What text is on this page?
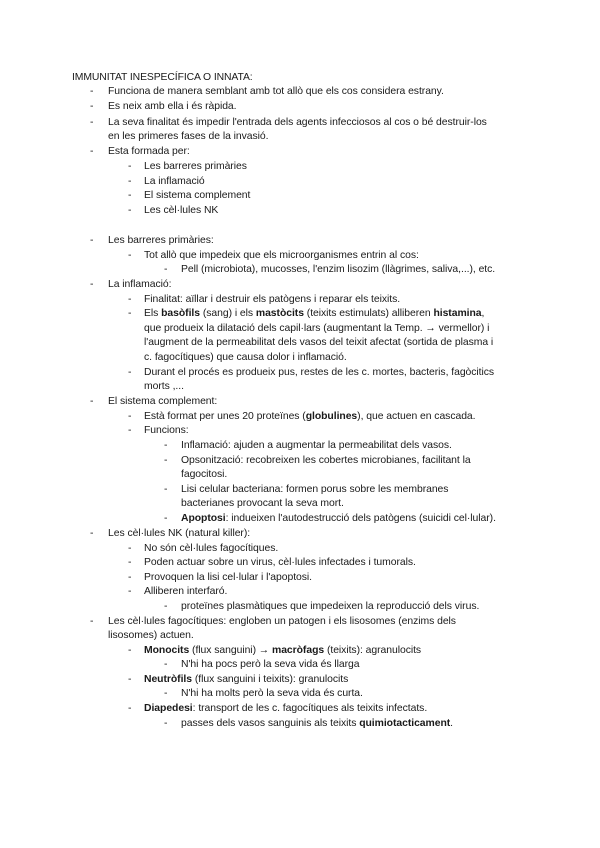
IMMUNITAT INESPECÍFICA O INNATA:
- Funciona de manera semblant amb tot allò que els cos considera estrany.
- Es neix amb ella i és ràpida.
- La seva finalitat és impedir l'entrada dels agents infecciosos al cos o bé destruir-los
en les primeres fases de la invasió.
- Esta formada per:
- Les barreres primàries
- La inflamació
- El sistema complement
- Les cèl·lules NK
- Les barreres primàries:
- Tot allò que impedeix que els microorganismes entrin al cos:
- Pell (microbiota), mucosses, l'enzim lisozim (llàgrimes, saliva,...), etc.
- La inflamació:
- Finalitat: aïllar i destruir els patògens i reparar els teixits.
- Els basòfils (sang) i els mastòcits (teixits estimulats) alliberen histamina,
que produeix la dilatació dels capil·lars (augmentant la Temp. → vermellor) i
l'augment de la permeabilitat dels vasos del teixit afectat (sortida de plasma i
c. fagocítiques) que causa dolor i inflamació.
- Durant el procés es produeix pus, restes de les c. mortes, bacteris, fagòcitics
morts ,...
- El sistema complement:
- Està format per unes 20 proteïnes (globulines), que actuen en cascada.
- Funcions:
- Inflamació: ajuden a augmentar la permeabilitat dels vasos.
- Opsonització: recobreixen les cobertes microbianes, facilitant la
fagocitosi.
- Lisi celular bacteriana: formen porus sobre les membranes
bacterianes provocant la seva mort.
- Apoptosi: indueixen l'autodestrucció dels patògens (suicidi cel·lular).
- Les cèl·lules NK (natural killer):
- No són cèl·lules fagocítiques.
- Poden actuar sobre un virus, cèl·lules infectades i tumorals.
- Provoquen la lisi cel·lular i l'apoptosi.
- Alliberen interfaró.
- proteïnes plasmàtiques que impedeixen la reproducció dels virus.
- Les cèl·lules fagocítiques: engloben un patogen i els lisosomes (enzims dels
lisosomes) actuen.
- Monocits (flux sanguini) → macròfags (teixits): agranulocits
- N'hi ha pocs però la seva vida és llarga
- Neutròfils (flux sanguini i teixits): granulocits
- N'hi ha molts però la seva vida és curta.
- Diapedesi: transport de les c. fagocítiques als teixits infectats.
- passes dels vasos sanguinis als teixits quimiotacticament.
